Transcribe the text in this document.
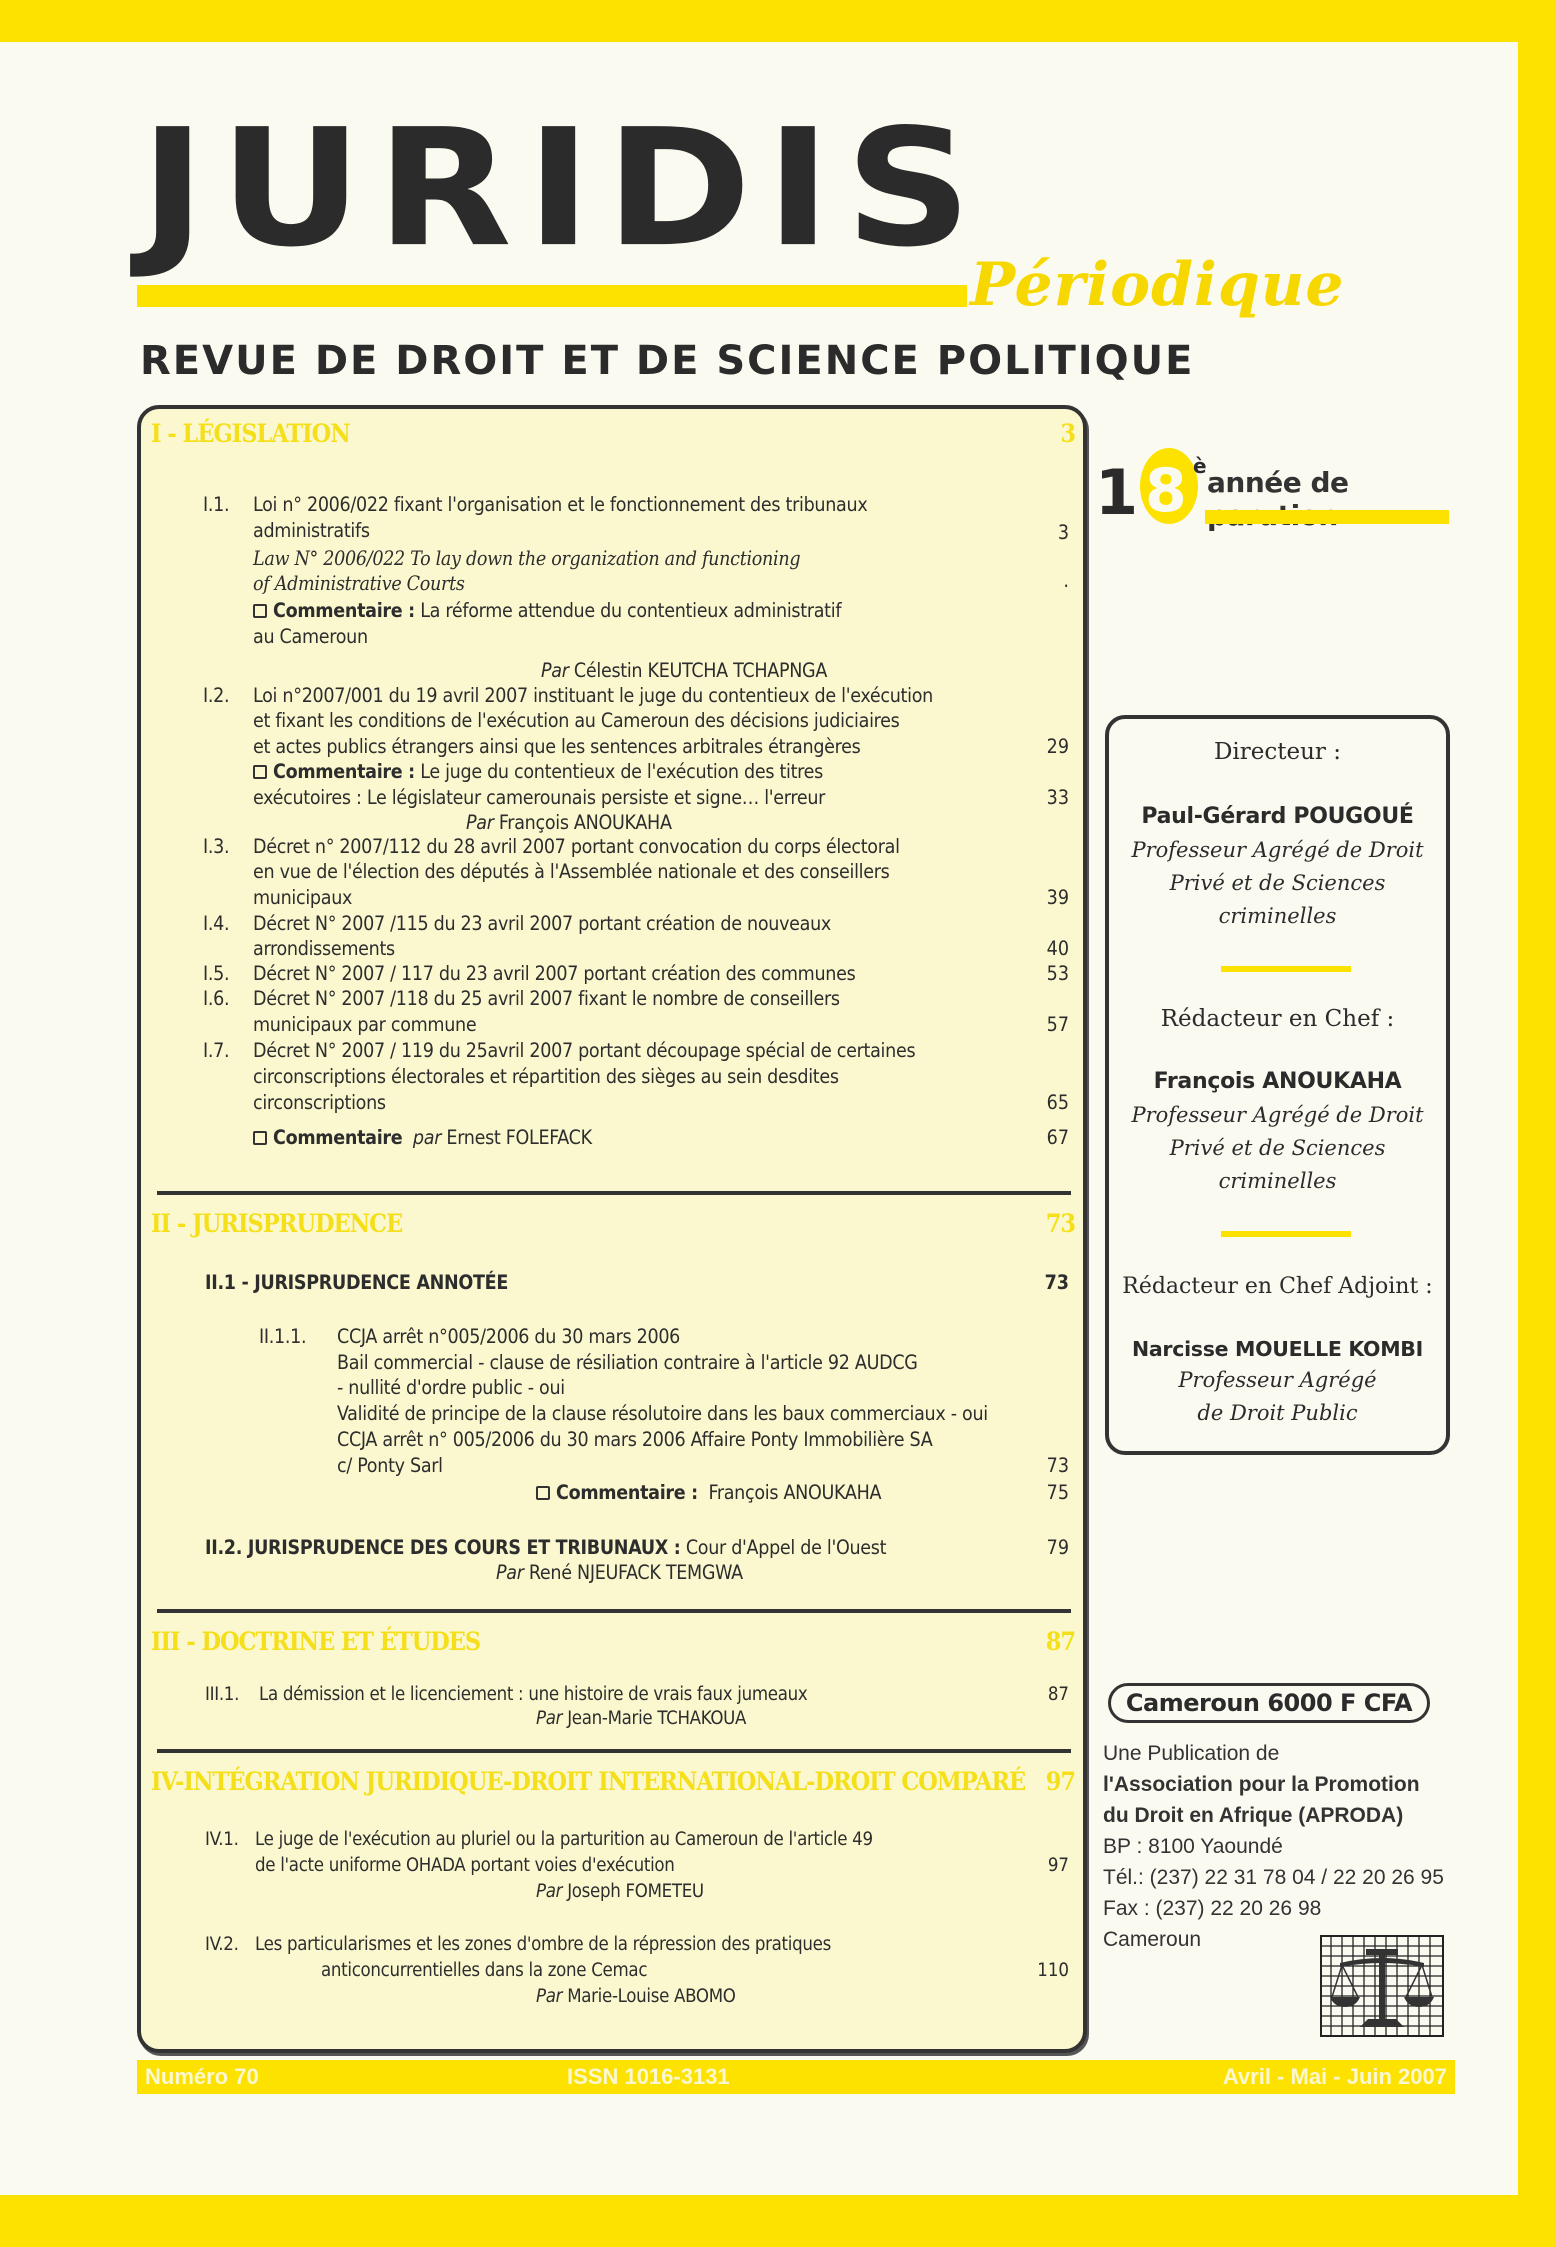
JURIDIS
Périodique
REVUE DE DROIT ET DE SCIENCE POLITIQUE
I - LÉGISLATION	3
I.1. Loi n° 2006/022 fixant l'organisation et le fonctionnement des tribunaux
administratifs	3
Law N° 2006/022 To lay down the organization and functioning
of Administrative Courts	.
Commentaire : La réforme attendue du contentieux administratif
au Cameroun
Par Célestin KEUTCHA TCHAPNGA
I.2. Loi n°2007/001 du 19 avril 2007 instituant le juge du contentieux de l'exécution
et fixant les conditions de l'exécution au Cameroun des décisions judiciaires
et actes publics étrangers ainsi que les sentences arbitrales étrangères	29
Commentaire : Le juge du contentieux de l'exécution des titres
exécutoires : Le législateur camerounais persiste et signe… l'erreur	33
Par François ANOUKAHA
I.3. Décret n° 2007/112 du 28 avril 2007 portant convocation du corps électoral
en vue de l'élection des députés à l'Assemblée nationale et des conseillers
municipaux	39
I.4. Décret N° 2007 /115 du 23 avril 2007 portant création de nouveaux
arrondissements	40
I.5. Décret N° 2007 / 117 du 23 avril 2007 portant création des communes	53
I.6. Décret N° 2007 /118 du 25 avril 2007 fixant le nombre de conseillers
municipaux par commune	57
I.7. Décret N° 2007 / 119 du 25avril 2007 portant découpage spécial de certaines
circonscriptions électorales et répartition des sièges au sein desdites
circonscriptions	65
Commentaire par Ernest FOLEFACK	67
II - JURISPRUDENCE	73
II.1 - JURISPRUDENCE ANNOTÉE	73
II.1.1. CCJA arrêt n°005/2006 du 30 mars 2006
Bail commercial - clause de résiliation contraire à l'article 92 AUDCG
- nullité d'ordre public - oui
Validité de principe de la clause résolutoire dans les baux commerciaux - oui
CCJA arrêt n° 005/2006 du 30 mars 2006 Affaire Ponty Immobilière SA
c/ Ponty Sarl	73
Commentaire : François ANOUKAHA	75
II.2. JURISPRUDENCE DES COURS ET TRIBUNAUX : Cour d'Appel de l'Ouest	79
Par René NJEUFACK TEMGWA
III - DOCTRINE ET ÉTUDES	87
III.1. La démission et le licenciement : une histoire de vrais faux jumeaux	87
Par Jean-Marie TCHAKOUA
IV-INTÉGRATION JURIDIQUE-DROIT INTERNATIONAL-DROIT COMPARÉ 97
IV.1. Le juge de l'exécution au pluriel ou la parturition au Cameroun de l'article 49
de l'acte uniforme OHADA portant voies d'exécution	97
Par Joseph FOMETEU
IV.2. Les particularismes et les zones d'ombre de la répression des pratiques
anticoncurrentielles dans la zone Cemac	110
Par Marie-Louise ABOMO
1 8 è année de
Directeur :
Paul-Gérard POUGOUÉ
Professeur Agrégé de Droit
Privé et de Sciences
criminelles
Rédacteur en Chef :
François ANOUKAHA
Professeur Agrégé de Droit
Privé et de Sciences
criminelles
Rédacteur en Chef Adjoint :
Narcisse MOUELLE KOMBI
Professeur Agrégé
de Droit Public
Cameroun 6000 F CFA
Une Publication de
l'Association pour la Promotion
du Droit en Afrique (APRODA)
BP : 8100 Yaoundé
Tél.: (237) 22 31 78 04 / 22 20 26 95
Fax : (237) 22 20 26 98
Cameroun
Numéro 70	ISSN 1016-3131	Avril - Mai - Juin 2007
